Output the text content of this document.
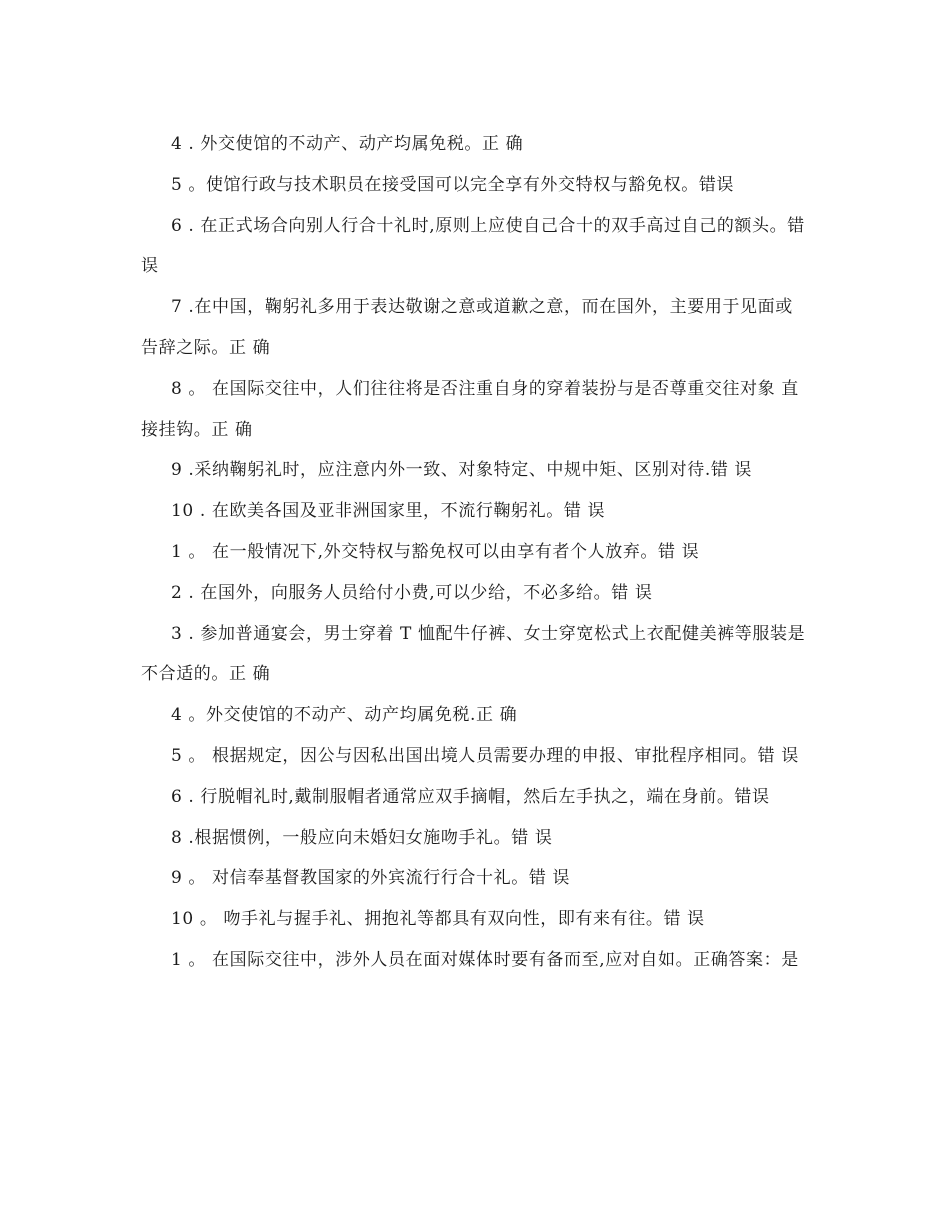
4 . 外交使馆的不动产、动产均属免税。正 确

5 。使馆行政与技术职员在接受国可以完全享有外交特权与豁免权。错误

6 . 在正式场合向别人行合十礼时,原则上应使自己合十的双手高过自己的额头。错误

7 .在中国，鞠躬礼多用于表达敬谢之意或道歉之意，而在国外，主要用于见面或告辞之际。正 确

8 。 在国际交往中，人们往往将是否注重自身的穿着装扮与是否尊重交往对象 直接挂钩。正 确

9 .采纳鞠躬礼时，应注意内外一致、对象特定、中规中矩、区别对待.错 误

10 . 在欧美各国及亚非洲国家里，不流行鞠躬礼。错 误

1 。 在一般情况下,外交特权与豁免权可以由享有者个人放弃。错 误

2 . 在国外，向服务人员给付小费,可以少给，不必多给。错 误

3 . 参加普通宴会，男士穿着 T 恤配牛仔裤、女士穿宽松式上衣配健美裤等服装是不合适的。正 确

4 。外交使馆的不动产、动产均属免税.正 确

5 。 根据规定，因公与因私出国出境人员需要办理的申报、审批程序相同。错 误

6 . 行脱帽礼时,戴制服帽者通常应双手摘帽，然后左手执之，端在身前。错误

8 .根据惯例，一般应向未婚妇女施吻手礼。错 误

9 。 对信奉基督教国家的外宾流行行合十礼。错 误

10 。 吻手礼与握手礼、拥抱礼等都具有双向性，即有来有往。错 误

1 。 在国际交往中，涉外人员在面对媒体时要有备而至,应对自如。正确答案：是
